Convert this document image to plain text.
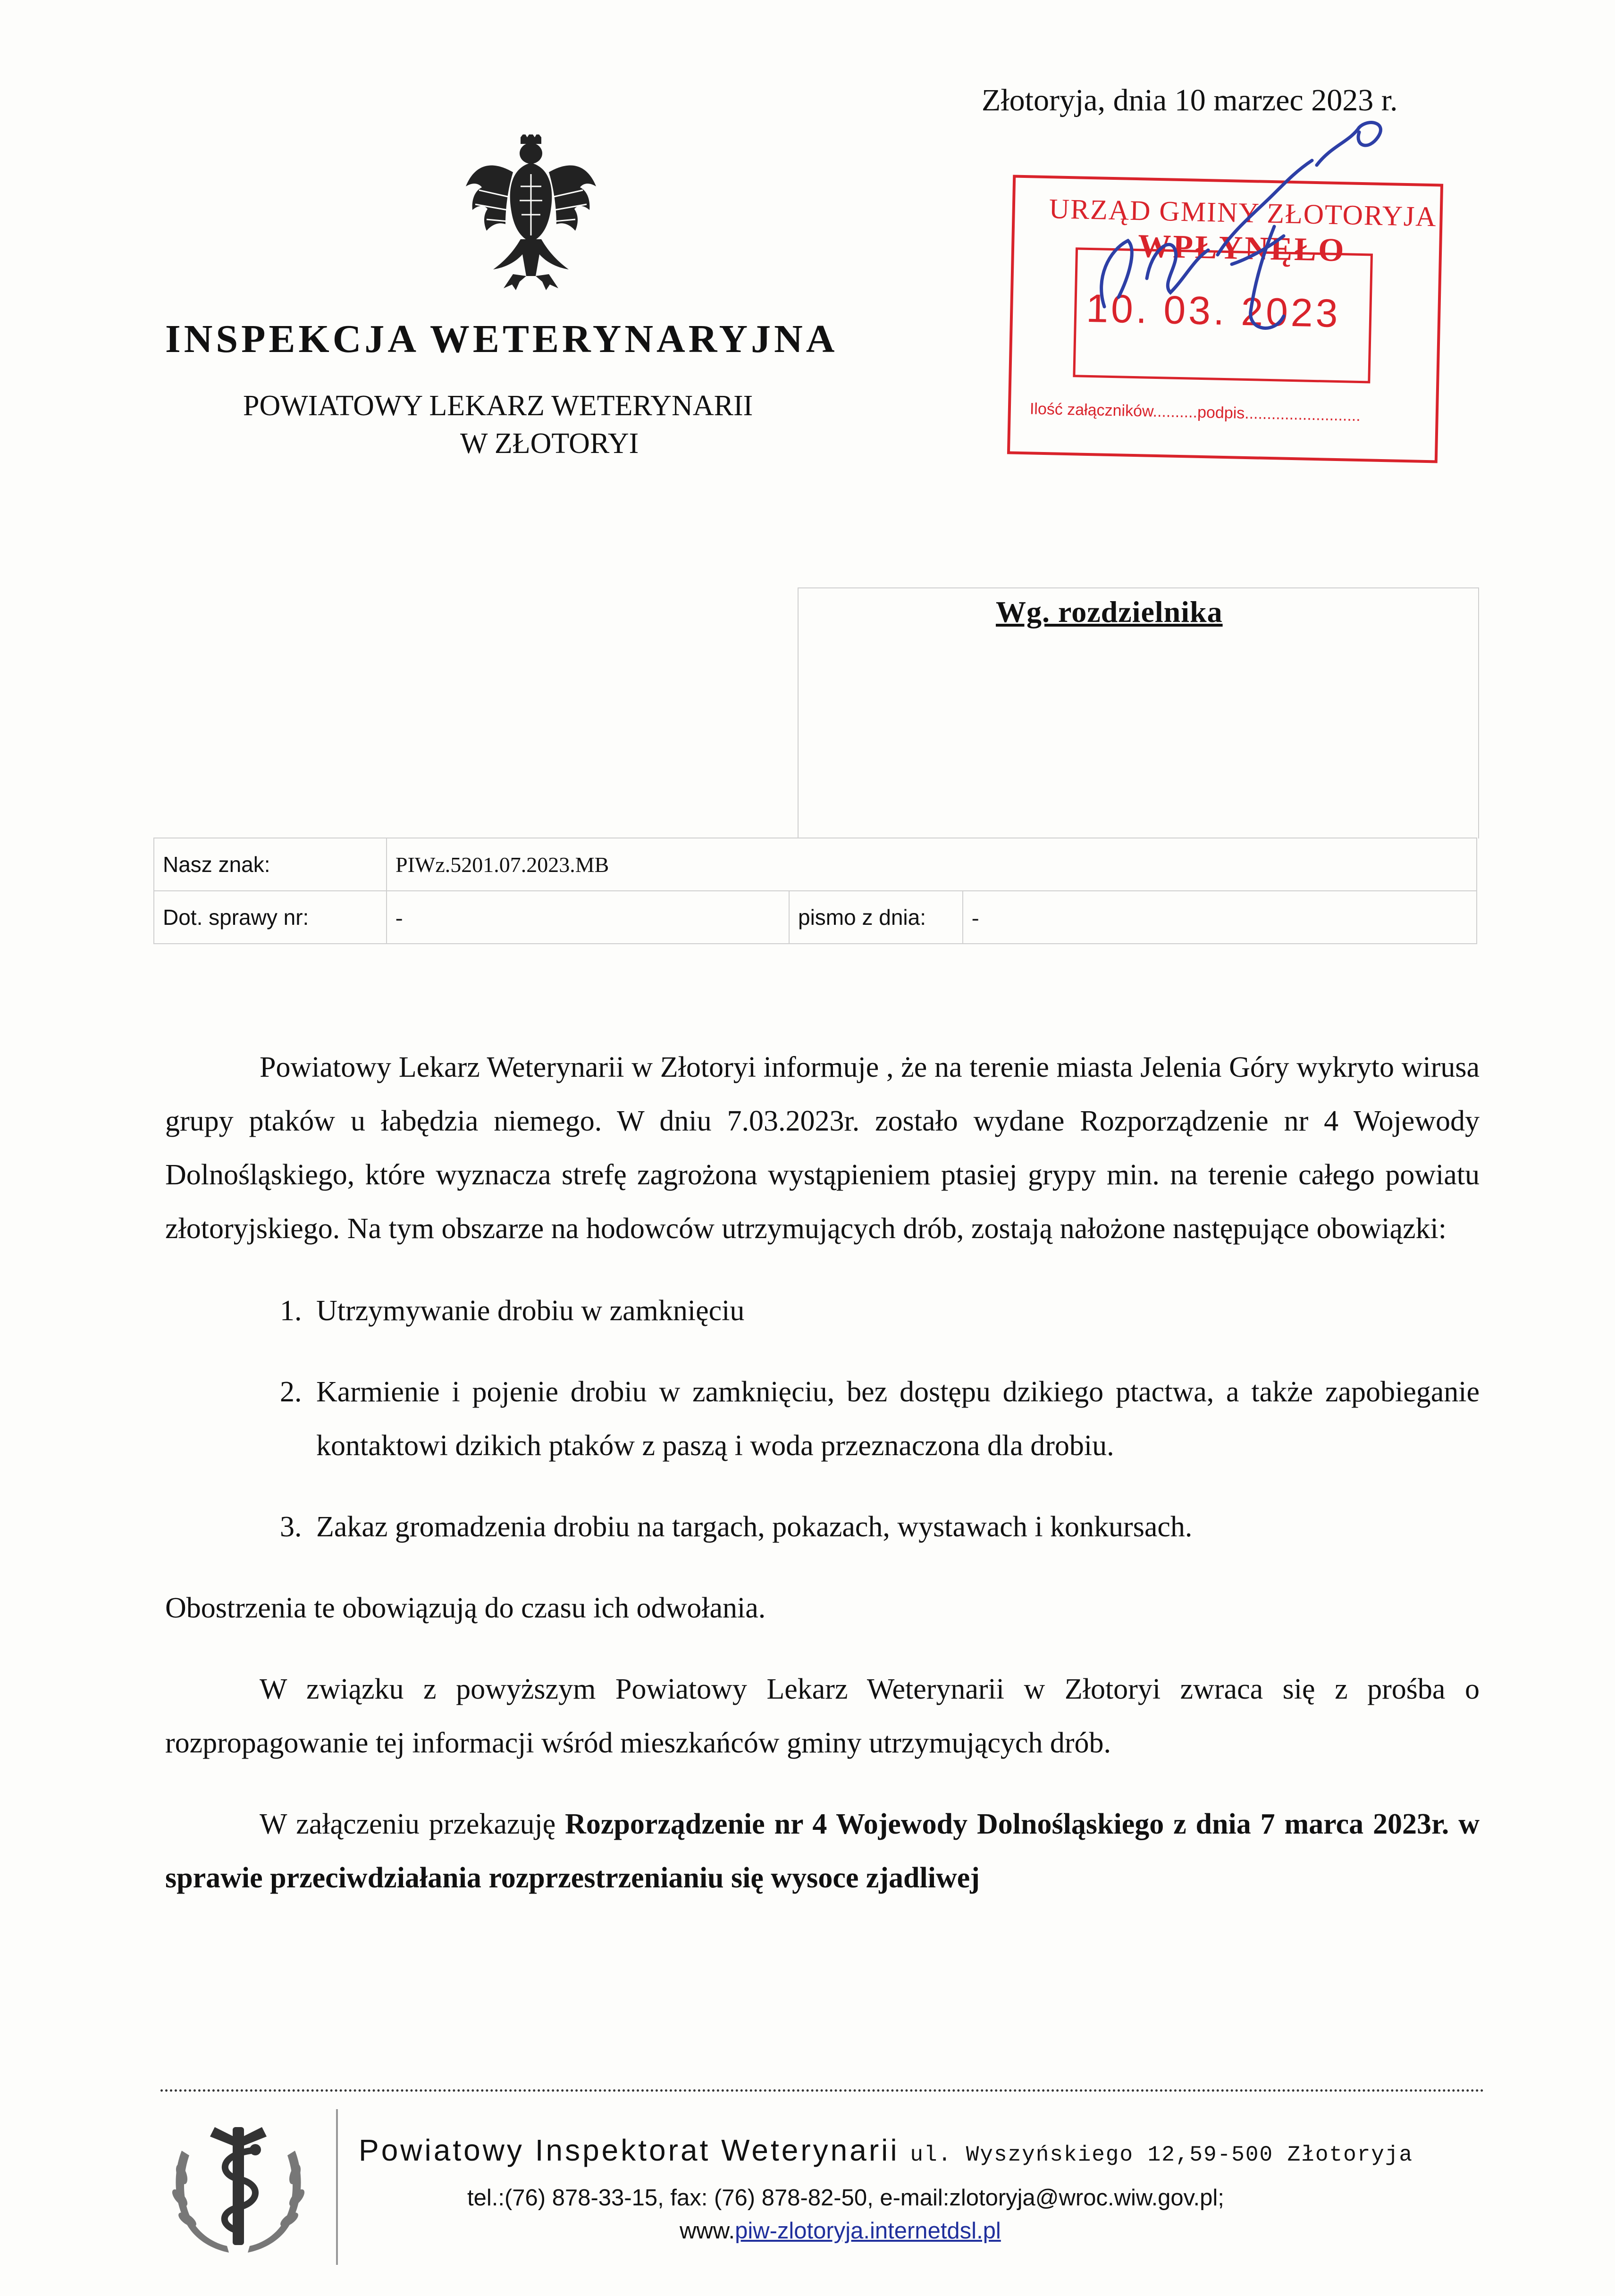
Złotoryja, dnia 10 marzec 2023 r.
INSPEKCJA WETERYNARYJNA
POWIATOWY LEKARZ WETERYNARII
W ZŁOTORYI
URZĄD GMINY ZŁOTORYJA
WPŁYNĘŁO
10. 03. 2023
Ilość załączników..........podpis..........................
Wg. rozdzielnika
Nasz znak:	PIWz.5201.07.2023.MB		
Dot. sprawy nr:	-	pismo z dnia:	-

Powiatowy Lekarz Weterynarii w Złotoryi informuje , że na terenie miasta Jelenia Góry wykryto wirusa grupy ptaków u łabędzia niemego. W dniu 7.03.2023r. zostało wydane Rozporządzenie nr 4 Wojewody Dolnośląskiego, które wyznacza strefę zagrożona wystąpieniem ptasiej grypy min. na terenie całego powiatu złotoryjskiego. Na tym obszarze na hodowców utrzymujących drób, zostają nałożone następujące obowiązki:

1. Utrzymywanie drobiu w zamknięciu
2. Karmienie i pojenie drobiu w zamknięciu, bez dostępu dzikiego ptactwa, a także zapobieganie kontaktowi dzikich ptaków z paszą i woda przeznaczona dla drobiu.
3. Zakaz gromadzenia drobiu na targach, pokazach, wystawach i konkursach.

Obostrzenia te obowiązują do czasu ich odwołania.

W związku z powyższym Powiatowy Lekarz Weterynarii w Złotoryi zwraca się z prośba o rozpropagowanie tej informacji wśród mieszkańców gminy utrzymujących drób.

W załączeniu przekazuję Rozporządzenie nr 4 Wojewody Dolnośląskiego z dnia 7 marca 2023r. w sprawie przeciwdziałania rozprzestrzenianiu się wysoce zjadliwej

Powiatowy Inspektorat Weterynarii ul. Wyszyńskiego 12,59-500 Złotoryja
tel.:(76) 878-33-15, fax: (76) 878-82-50, e-mail:zlotoryja@wroc.wiw.gov.pl;
www.piw-zlotoryja.internetdsl.pl
